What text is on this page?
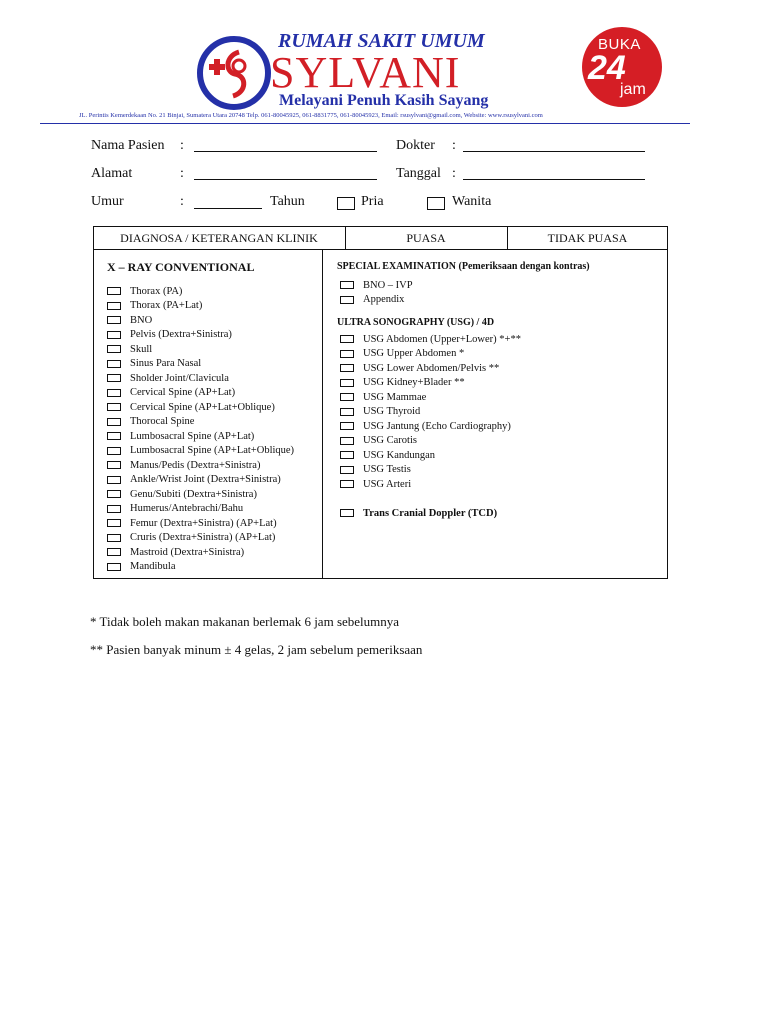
RUMAH SAKIT UMUM
SYLVANI
Melayani Penuh Kasih Sayang
BUKA
24
jam
JL. Perintis Kemerdekaan No. 21 Binjai, Sumatera Utara 20748 Telp. 061-80045925, 061-8831775, 061-80045923, Email: rsusylvani@gmail.com, Website: www.rsusylvani.com
Nama Pasien :	Dokter :
Alamat	:	Tanggal :
Umur	:	Tahun	Pria	Wanita
DIAGNOSA / KETERANGAN KLINIK	PUASA	TIDAK PUASA
X – RAY CONVENTIONAL
Thorax (PA)
Thorax (PA+Lat)
BNO
Pelvis (Dextra+Sinistra)
Skull
Sinus Para Nasal
Sholder Joint/Clavicula
Cervical Spine (AP+Lat)
Cervical Spine (AP+Lat+Oblique)
Thorocal Spine
Lumbosacral Spine (AP+Lat)
Lumbosacral Spine (AP+Lat+Oblique)
Manus/Pedis (Dextra+Sinistra)
Ankle/Wrist Joint (Dextra+Sinistra)
Genu/Subiti (Dextra+Sinistra)
Humerus/Antebrachi/Bahu
Femur (Dextra+Sinistra) (AP+Lat)
Cruris (Dextra+Sinistra) (AP+Lat)
Mastroid (Dextra+Sinistra)
Mandibula
SPECIAL EXAMINATION (Pemeriksaan dengan kontras)
BNO – IVP
Appendix
ULTRA SONOGRAPHY (USG) / 4D
USG Abdomen (Upper+Lower) *+**
USG Upper Abdomen *
USG Lower Abdomen/Pelvis **
USG Kidney+Blader **
USG Mammae
USG Thyroid
USG Jantung (Echo Cardiography)
USG Carotis
USG Kandungan
USG Testis
USG Arteri
Trans Cranial Doppler (TCD)
* Tidak boleh makan makanan berlemak 6 jam sebelumnya
** Pasien banyak minum ± 4 gelas, 2 jam sebelum pemeriksaan
